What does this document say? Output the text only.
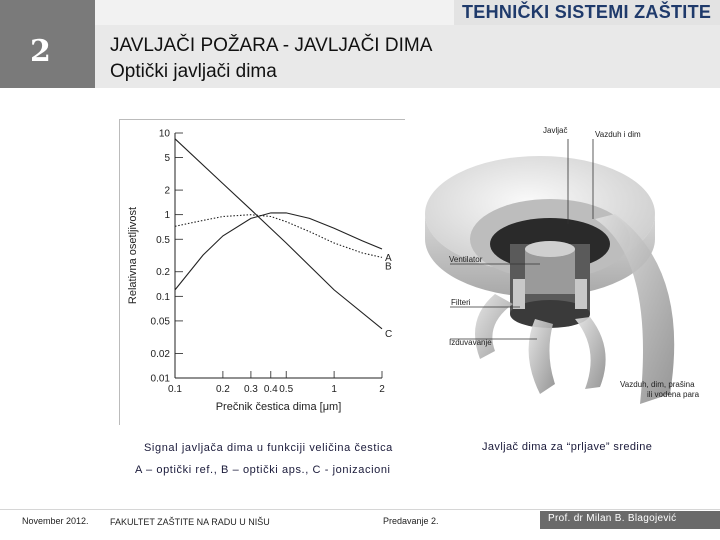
2
TEHNIČKI SISTEMI ZAŠTITE
JAVLJAČI POŽARA - JAVLJAČI DIMA
Optički javljači dima
10
5
2
1
0.5
0.2
0.1
0.05
0.02
0.01
0.1	0.2 0.3 0.4 0.5	1	2
A
B
C
Prečnik čestica dima [μm]
Relativna osetljivost
Javljač	Vazduh i dim
Ventilator
Filteri
Izduvavanje
Vazduh, dim, prašina
ili vodena para
Signal javljača dima u funkciji veličina čestica
A – optički ref., B – optički aps., C - jonizacioni
Javljač dima za “prljave” sredine
November 2012. FAKULTET ZAŠTITE NA RADU U NIŠU	Predavanje 2.	Prof. dr Milan B. Blagojević
